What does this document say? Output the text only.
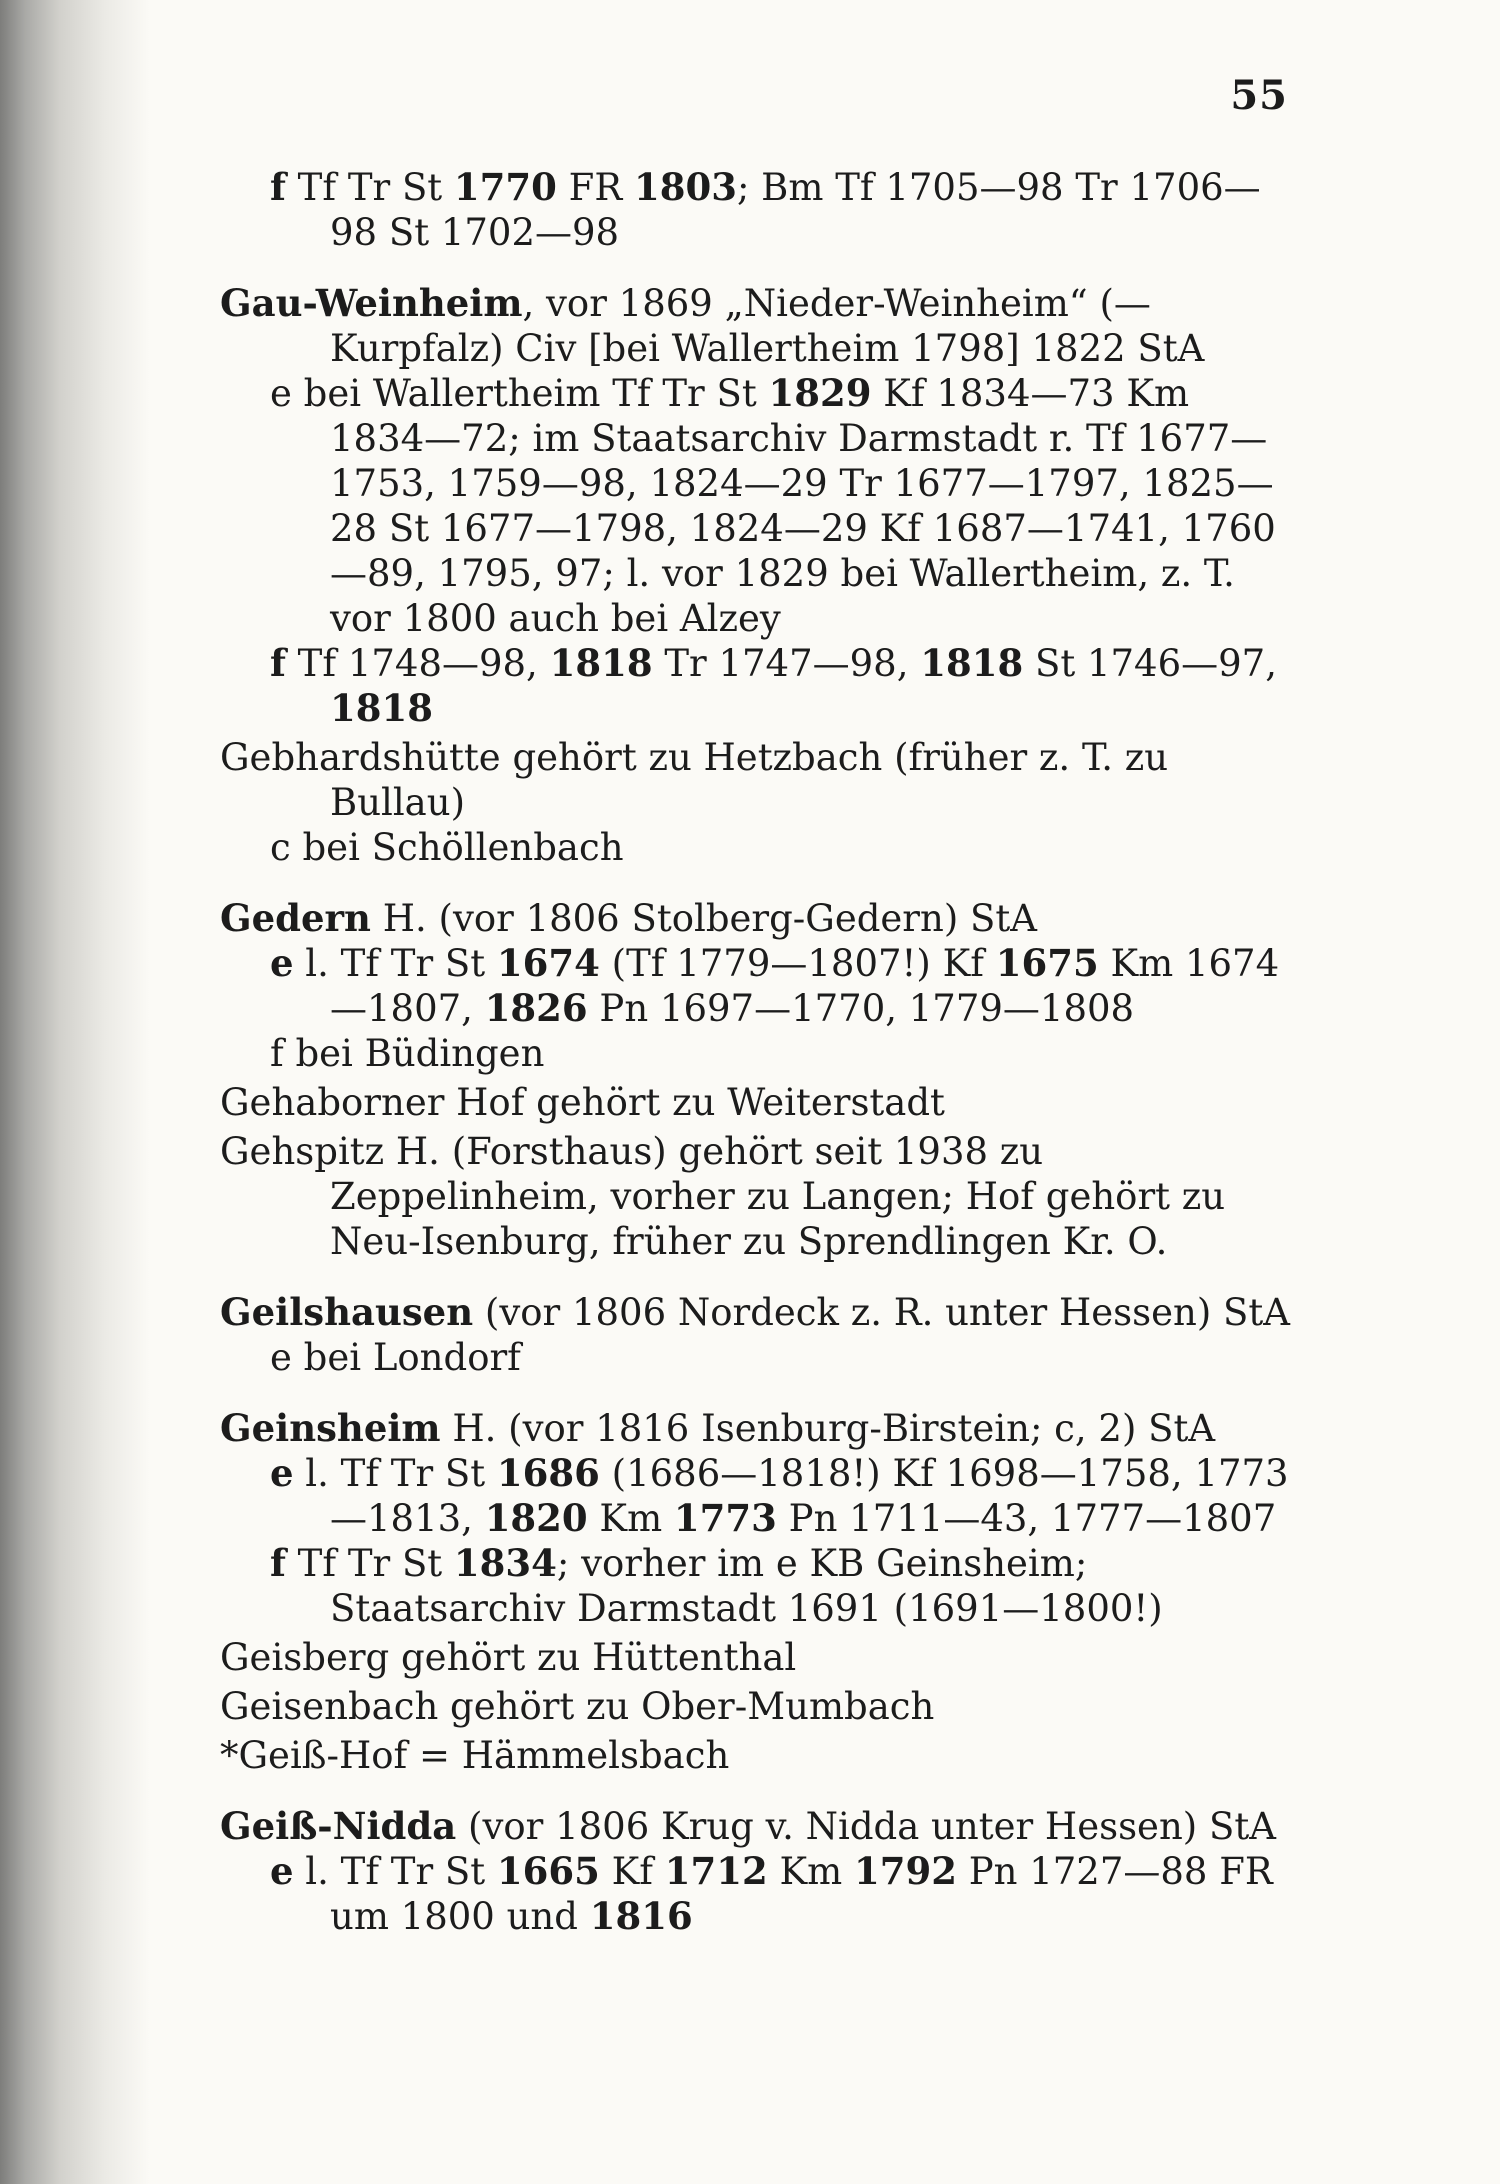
55
f Tf Tr St 1770 FR 1803; Bm Tf 1705—98 Tr 1706—98 St 1702—98
Gau-Weinheim, vor 1869 „Nieder-Weinheim“ (—Kurpfalz) Civ [bei Wallertheim 1798] 1822 StA
e bei Wallertheim Tf Tr St 1829 Kf 1834—73 Km 1834—72; im Staatsarchiv Darmstadt r. Tf 1677—1753, 1759—98, 1824—29 Tr 1677—1797, 1825—28 St 1677—1798, 1824—29 Kf 1687—1741, 1760—89, 1795, 97; l. vor 1829 bei Wallertheim, z. T. vor 1800 auch bei Alzey
f Tf 1748—98, 1818 Tr 1747—98, 1818 St 1746—97, 1818
Gebhardshütte gehört zu Hetzbach (früher z. T. zu Bullau)
c bei Schöllenbach
Gedern H. (vor 1806 Stolberg-Gedern) StA
e l. Tf Tr St 1674 (Tf 1779—1807!) Kf 1675 Km 1674—1807, 1826 Pn 1697—1770, 1779—1808
f bei Büdingen
Gehaborner Hof gehört zu Weiterstadt
Gehspitz H. (Forsthaus) gehört seit 1938 zu Zeppelinheim, vorher zu Langen; Hof gehört zu Neu-Isenburg, früher zu Sprendlingen Kr. O.
Geilshausen (vor 1806 Nordeck z. R. unter Hessen) StA
e bei Londorf
Geinsheim H. (vor 1816 Isenburg-Birstein; c, 2) StA
e l. Tf Tr St 1686 (1686—1818!) Kf 1698—1758, 1773—1813, 1820 Km 1773 Pn 1711—43, 1777—1807
f Tf Tr St 1834; vorher im e KB Geinsheim; Staatsarchiv Darmstadt 1691 (1691—1800!)
Geisberg gehört zu Hüttenthal
Geisenbach gehört zu Ober-Mumbach
*Geiß-Hof = Hämmelsbach
Geiß-Nidda (vor 1806 Krug v. Nidda unter Hessen) StA
e l. Tf Tr St 1665 Kf 1712 Km 1792 Pn 1727—88 FR um 1800 und 1816
